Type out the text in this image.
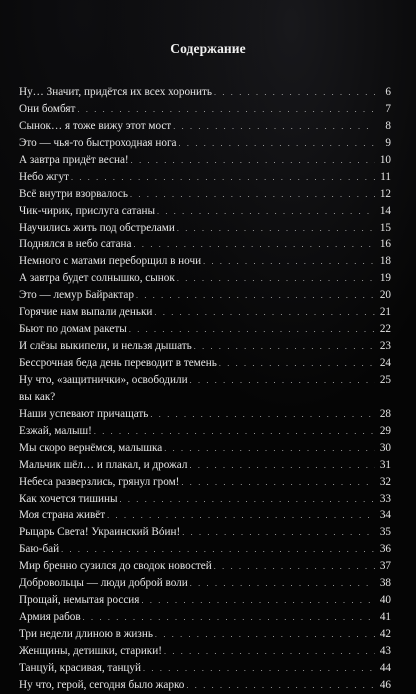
Содержание
Ну… Значит, придётся их всех хоронить . . .	6
Они бомбят . . .	7
Сынок… я тоже вижу этот мост . . .	8
Это — чья-то быстроходная нога . . .	9
А завтра придёт весна! . . .	10
Небо жгут . . .	11
Всё внутри взорвалось . . .	12
Чик-чирик, прислуга сатаны . . .	14
Научились жить под обстрелами . . .	15
Поднялся в небо сатана . . .	16
Немного с матами переборщил в ночи . . .	18
А завтра будет солнышко, сынок . . .	19
Это — лемур Байрактар . . .	20
Горячие нам выпали деньки . . .	21
Бьют по домам ракеты . . .	22
И слёзы выкипели, и нельзя дышать . . .	23
Бессрочная беда день переводит в темень . . .	24
Ну что, «защитнички», освободили . . .	25
вы как?
Наши успевают причащать . . .	28
Езжай, малыш! . . .	29
Мы скоро вернёмся, малышка . . .	30
Мальчик шёл… и плакал, и дрожал . . .	31
Небеса разверзлись, грянул гром! . . .	32
Как хочется тишины . . .	33
Моя страна живёт . . .	34
Рыцарь Света! Украинский Вóин! . . .	35
Баю-бай . . .	36
Мир бренно сузился до сводок новостей . . .	37
Добровольцы — люди доброй воли . . .	38
Прощай, немытая россия . . .	40
Армия рабов . . .	41
Три недели длиною в жизнь . . .	42
Женщины, детишки, старики! . . .	43
Танцуй, красивая, танцуй . . .	44
Ну что, герой, сегодня было жарко . . .	46
